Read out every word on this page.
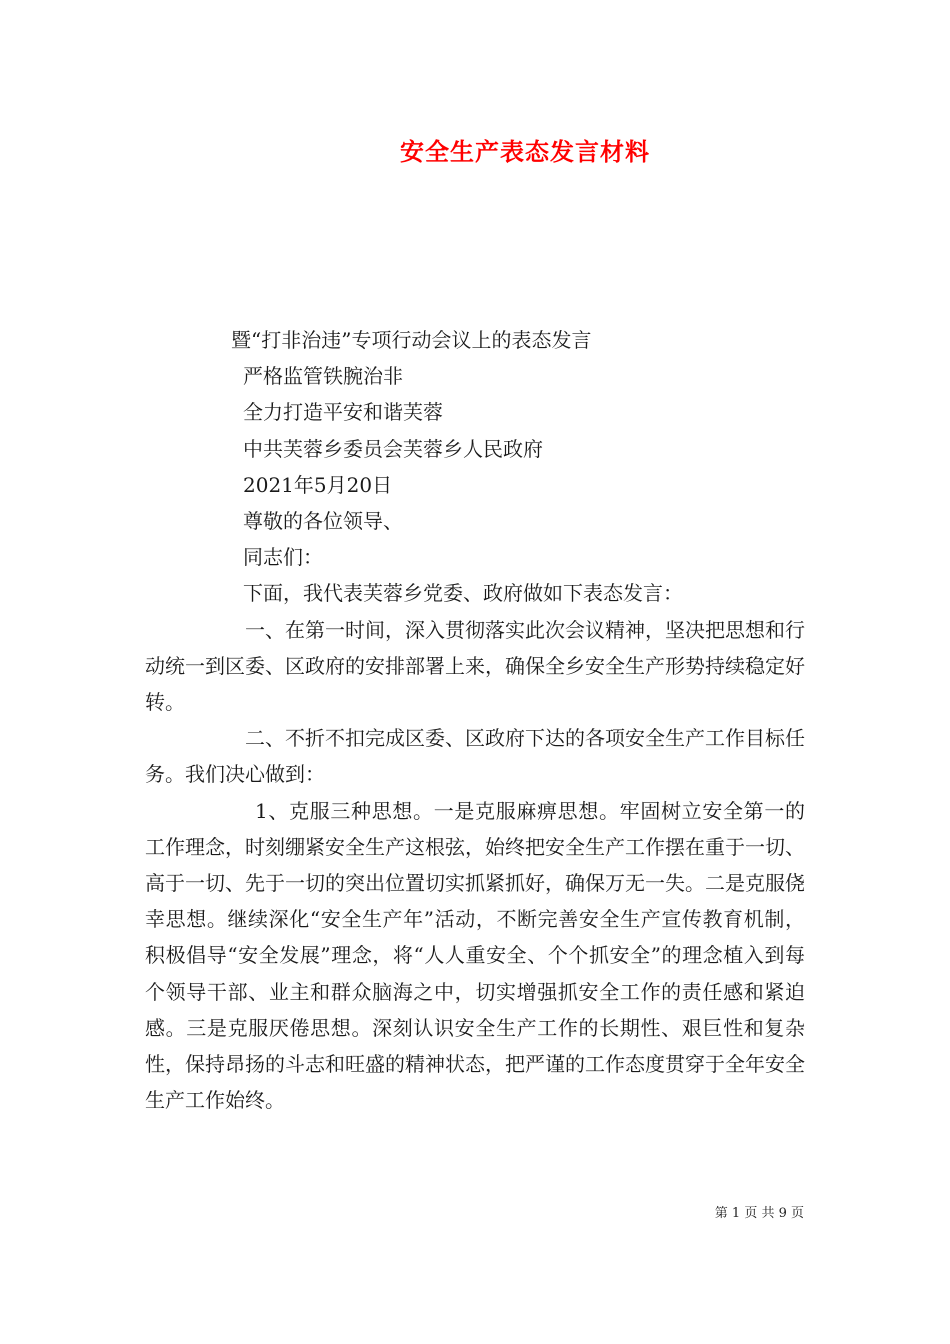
安全生产表态发言材料
暨“打非治违”专项行动会议上的表态发言
严格监管铁腕治非
全力打造平安和谐芙蓉
中共芙蓉乡委员会芙蓉乡人民政府
2021年5月20日
尊敬的各位领导、
同志们：
下面，我代表芙蓉乡党委、政府做如下表态发言：

一、在第一时间，深入贯彻落实此次会议精神，坚决把思想和行动统一到区委、区政府的安排部署上来，确保全乡安全生产形势持续稳定好转。

二、不折不扣完成区委、区政府下达的各项安全生产工作目标任务。我们决心做到：

1、克服三种思想。一是克服麻痹思想。牢固树立安全第一的工作理念，时刻绷紧安全生产这根弦，始终把安全生产工作摆在重于一切、高于一切、先于一切的突出位置切实抓紧抓好，确保万无一失。二是克服侥幸思想。继续深化“安全生产年”活动，不断完善安全生产宣传教育机制，积极倡导“安全发展”理念，将“人人重安全、个个抓安全”的理念植入到每个领导干部、业主和群众脑海之中，切实增强抓安全工作的责任感和紧迫感。三是克服厌倦思想。深刻认识安全生产工作的长期性、艰巨性和复杂性，保持昂扬的斗志和旺盛的精神状态，把严谨的工作态度贯穿于全年安全生产工作始终。

第 1 页 共 9 页
